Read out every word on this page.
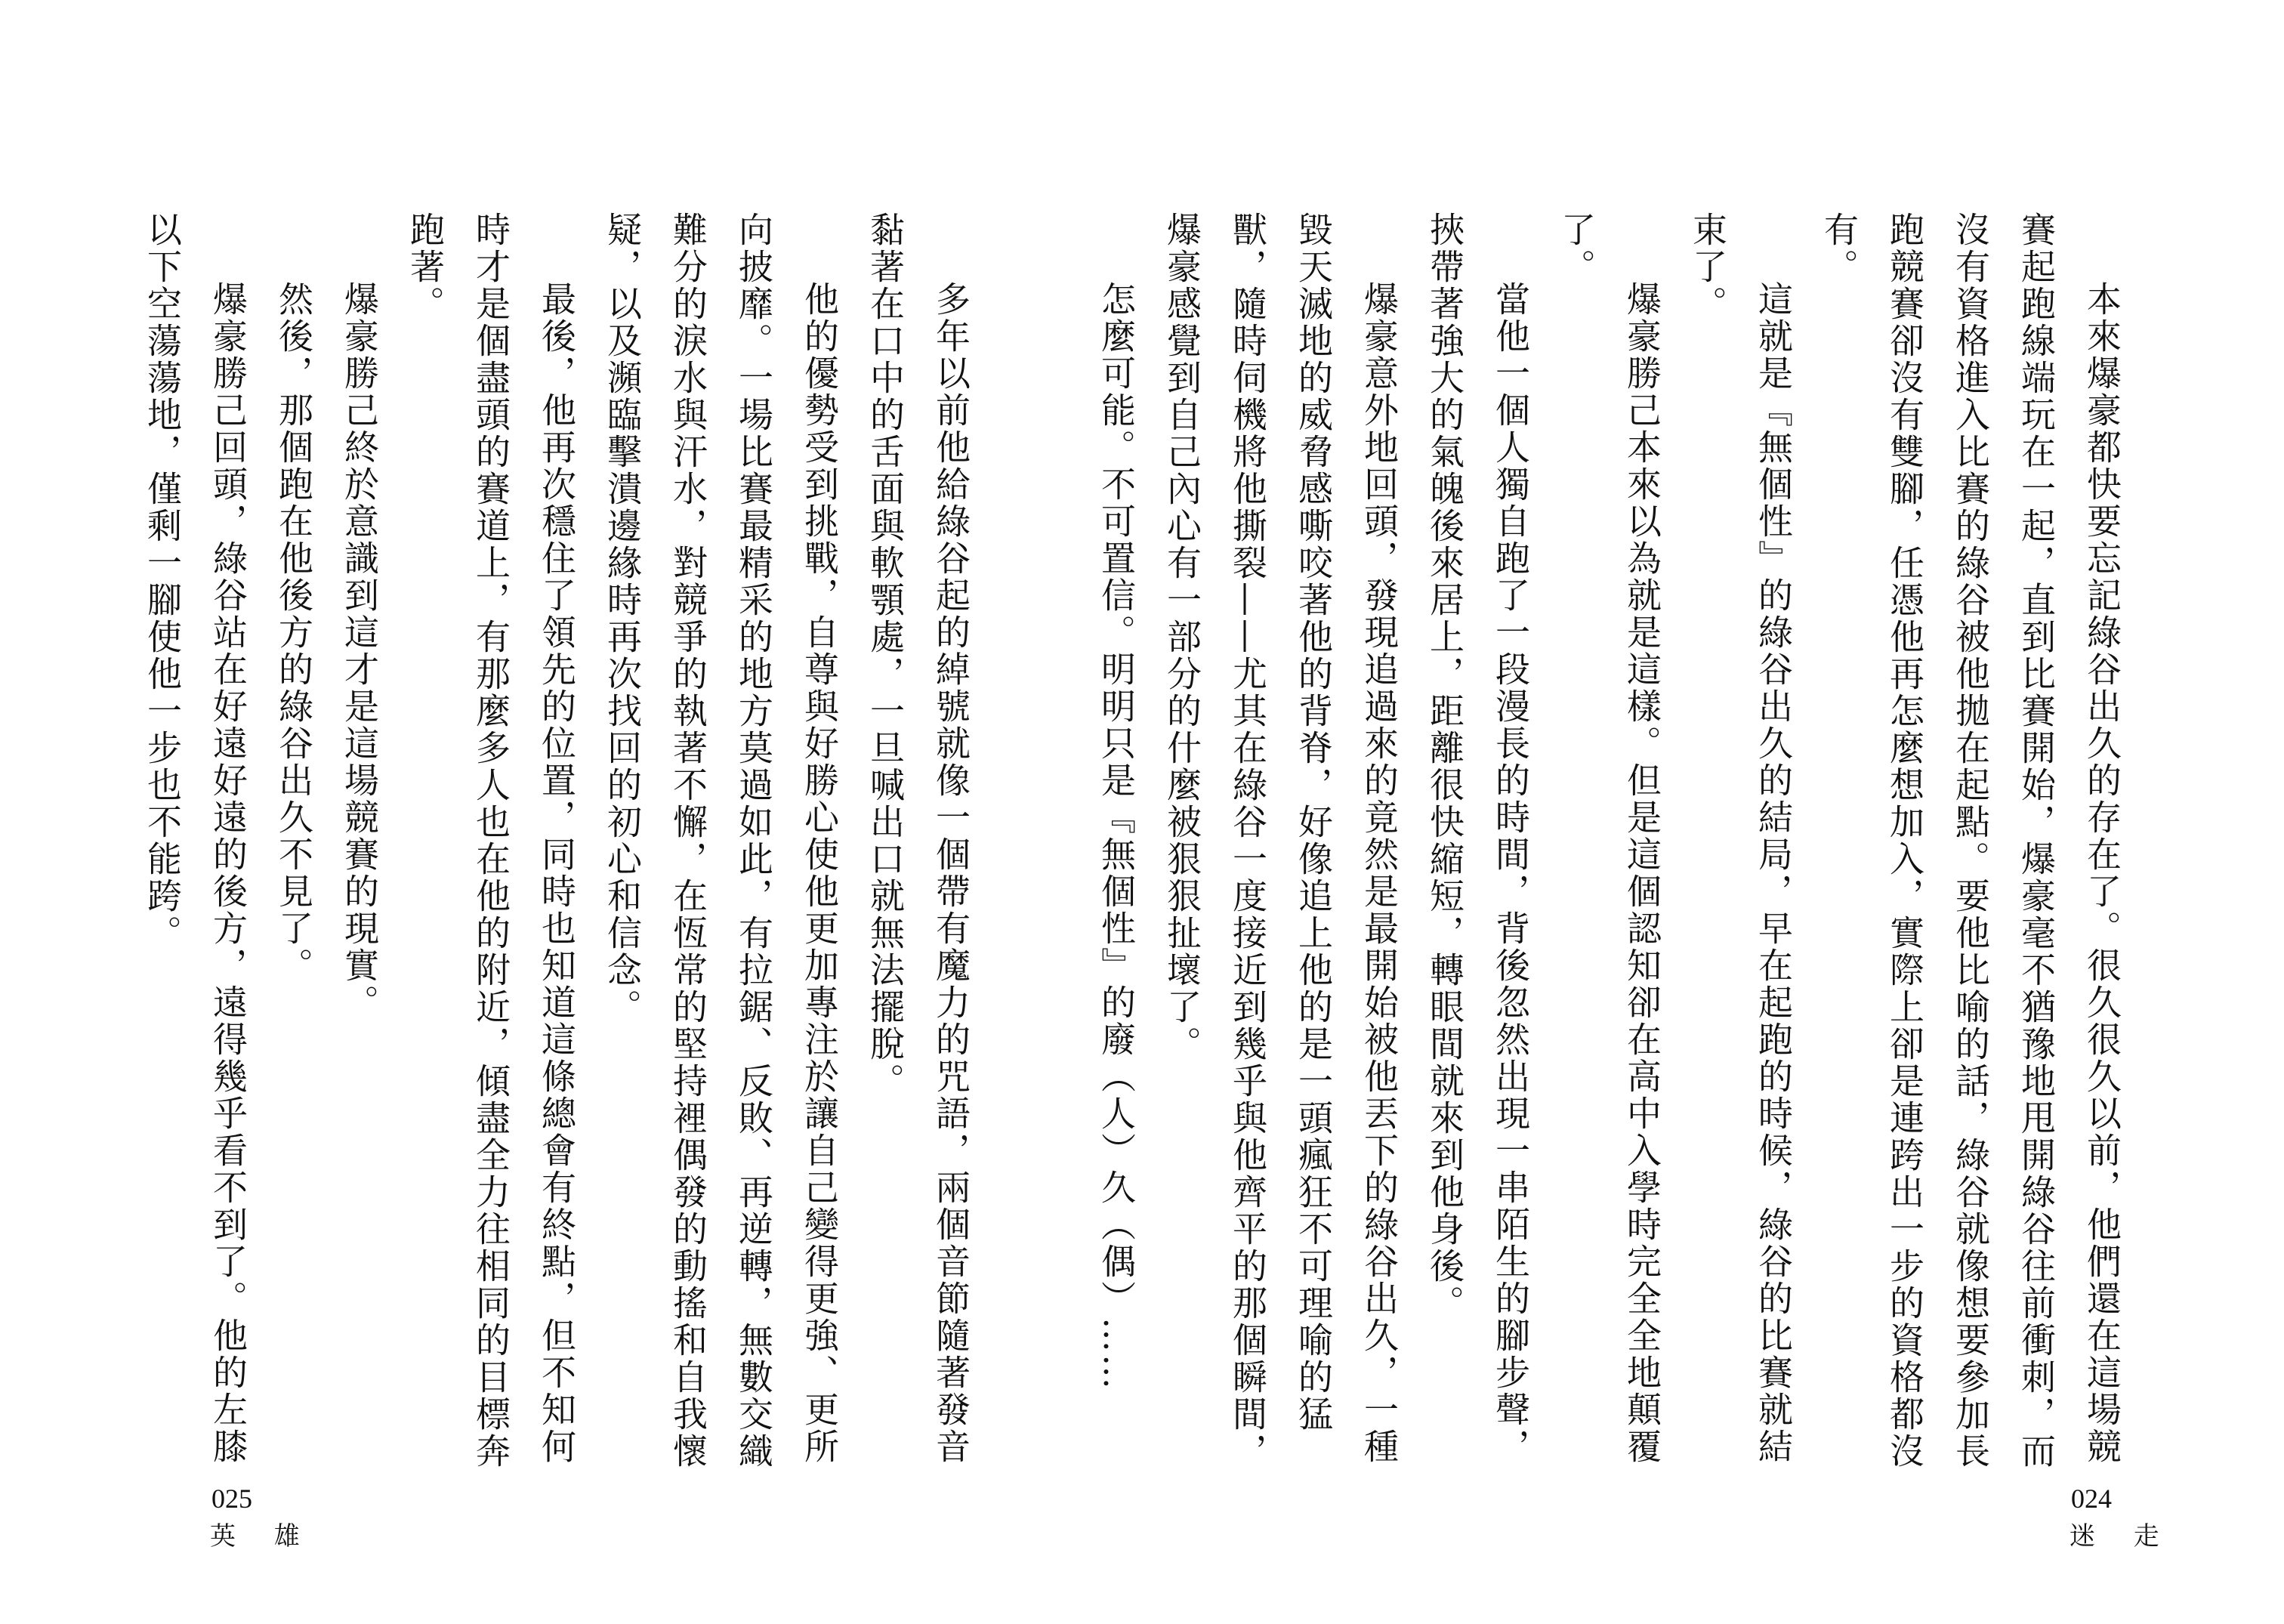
多年以前他給綠谷起的綽號就像一個帶有魔力的咒語，兩個音節隨著發音黏著在口中的舌面與軟顎處，一旦喊出口就無法擺脫。

他的優勢受到挑戰，自尊與好勝心使他更加專注於讓自己變得更強、更所向披靡。一場比賽最精采的地方莫過如此，有拉鋸、反敗、再逆轉，無數交織難分的淚水與汗水，對競爭的執著不懈，在恆常的堅持裡偶發的動搖和自我懷疑，以及瀕臨擊潰邊緣時再次找回的初心和信念。

最後，他再次穩住了領先的位置，同時也知道這條總會有終點，但不知何時才是個盡頭的賽道上，有那麼多人也在他的附近，傾盡全力往相同的目標奔跑著。

爆豪勝己終於意識到這才是這場競賽的現實。

然後，那個跑在他後方的綠谷出久不見了。

爆豪勝己回頭，綠谷站在好遠好遠的後方，遠得幾乎看不到了。他的左膝以下空蕩蕩地，僅剩一腳使他一步也不能跨。

025
英 雄

本來爆豪都快要忘記綠谷出久的存在了。很久很久以前，他們還在這場競賽起跑線端玩在一起，直到比賽開始，爆豪毫不猶豫地甩開綠谷往前衝刺，而沒有資格進入比賽的綠谷被他拋在起點。要他比喻的話，綠谷就像想要參加長跑競賽卻沒有雙腳，任憑他再怎麼想加入，實際上卻是連跨出一步的資格都沒有。

這就是『無個性』的綠谷出久的結局，早在起跑的時候，綠谷的比賽就結束了。

爆豪勝己本來以為就是這樣。但是這個認知卻在高中入學時完全全地顛覆了。

當他一個人獨自跑了一段漫長的時間，背後忽然出現一串陌生的腳步聲，挾帶著強大的氣魄後來居上，距離很快縮短，轉眼間就來到他身後。

爆豪意外地回頭，發現追過來的竟然是最開始被他丟下的綠谷出久，一種毀天滅地的威脅感嘶咬著他的背脊，好像追上他的是一頭瘋狂不可理喻的猛獸，隨時伺機將他撕裂——尤其在綠谷一度接近到幾乎與他齊平的那個瞬間，爆豪感覺到自己內心有一部分的什麼被狠狠扯壞了。

怎麼可能。不可置信。明明只是『無個性』的廢（人）久（偶）……

024
迷 走
